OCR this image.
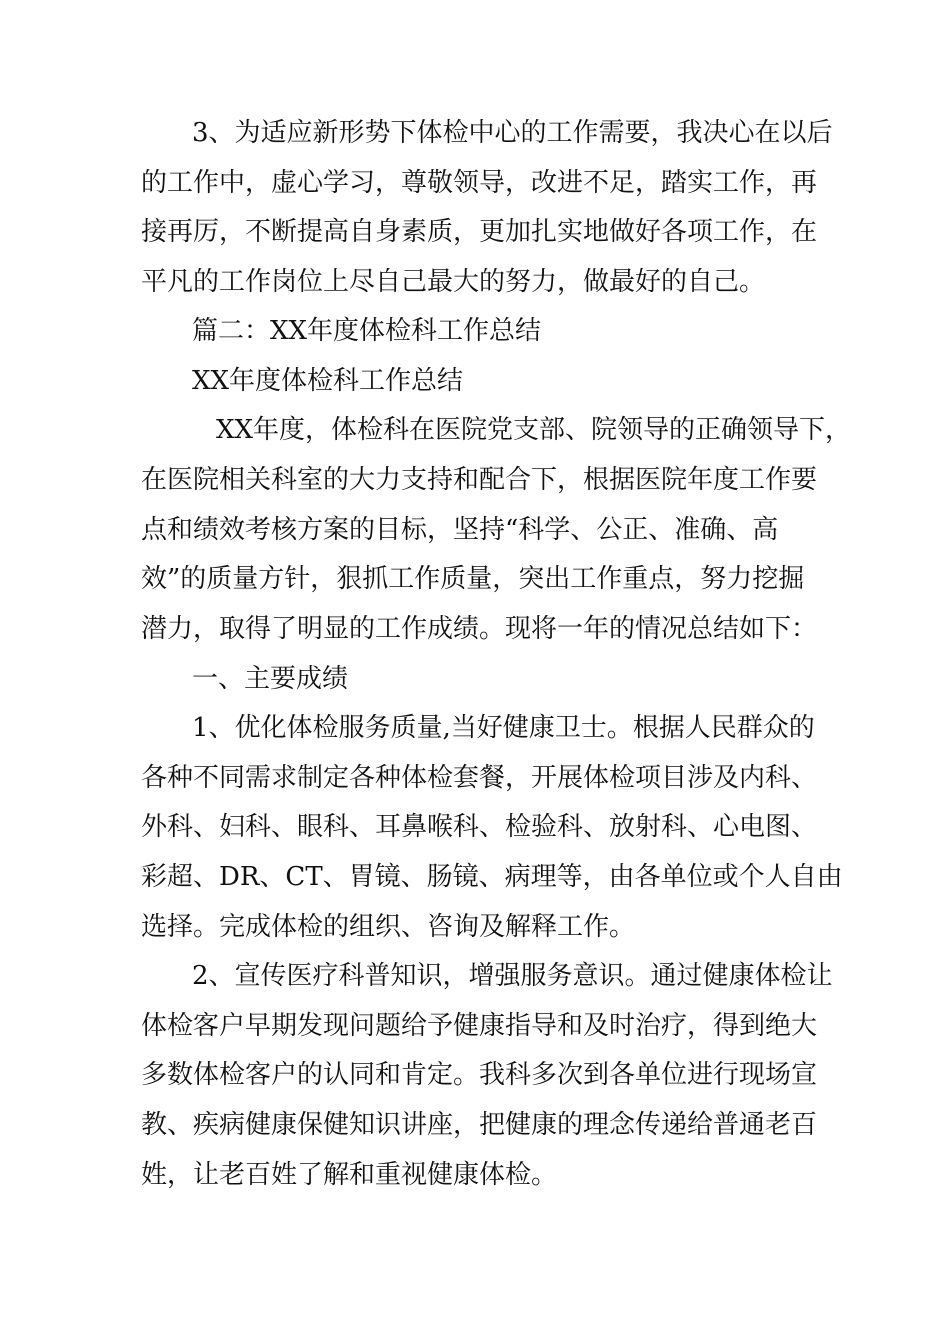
3、为适应新形势下体检中心的工作需要，我决心在以后
的工作中，虚心学习，尊敬领导，改进不足，踏实工作，再
接再厉，不断提高自身素质，更加扎实地做好各项工作，在
平凡的工作岗位上尽自己最大的努力，做最好的自己。
篇二：XX年度体检科工作总结
XX年度体检科工作总结
XX年度，体检科在医院党支部、院领导的正确领导下，
在医院相关科室的大力支持和配合下，根据医院年度工作要
点和绩效考核方案的目标，坚持“科学、公正、准确、高
效”的质量方针，狠抓工作质量，突出工作重点，努力挖掘
潜力，取得了明显的工作成绩。现将一年的情况总结如下：
一、主要成绩
1、优化体检服务质量,当好健康卫士。根据人民群众的
各种不同需求制定各种体检套餐，开展体检项目涉及内科、
外科、妇科、眼科、耳鼻喉科、检验科、放射科、心电图、
彩超、DR、CT、胃镜、肠镜、病理等，由各单位或个人自由
选择。完成体检的组织、咨询及解释工作。
2、宣传医疗科普知识，增强服务意识。通过健康体检让
体检客户早期发现问题给予健康指导和及时治疗，得到绝大
多数体检客户的认同和肯定。我科多次到各单位进行现场宣
教、疾病健康保健知识讲座，把健康的理念传递给普通老百
姓，让老百姓了解和重视健康体检。
